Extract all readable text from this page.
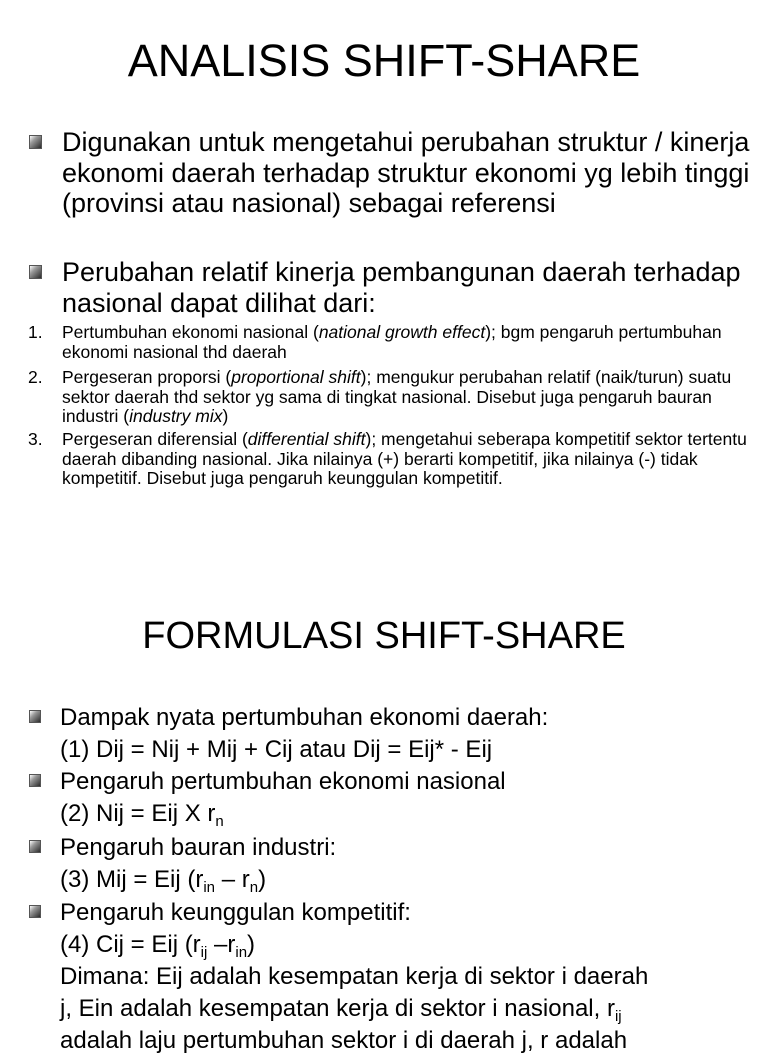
ANALISIS SHIFT-SHARE
Digunakan untuk mengetahui perubahan struktur / kinerja ekonomi daerah terhadap struktur ekonomi yg lebih tinggi (provinsi atau nasional) sebagai referensi
Perubahan relatif kinerja pembangunan daerah terhadap nasional dapat dilihat dari:
1. Pertumbuhan ekonomi nasional (national growth effect); bgm pengaruh pertumbuhan ekonomi nasional thd daerah
2. Pergeseran proporsi (proportional shift); mengukur perubahan relatif (naik/turun) suatu sektor daerah thd sektor yg sama di tingkat nasional. Disebut juga pengaruh bauran industri (industry mix)
3. Pergeseran diferensial (differential shift); mengetahui seberapa kompetitif sektor tertentu daerah dibanding nasional. Jika nilainya (+) berarti kompetitif, jika nilainya (-) tidak kompetitif. Disebut juga pengaruh keunggulan kompetitif.
FORMULASI SHIFT-SHARE
Dampak nyata pertumbuhan ekonomi daerah:
(1) Dij = Nij + Mij + Cij atau Dij = Eij* - Eij
Pengaruh pertumbuhan ekonomi nasional
(2) Nij = Eij X $r_n$
Pengaruh bauran industri:
(3) Mij = Eij $(r_{in} - r_n)$
Pengaruh keunggulan kompetitif:
(4) Cij = Eij ($r_{ij}$ $-r_{in}$)
Dimana: Eij adalah kesempatan kerja di sektor i daerah
j, Ein adalah kesempatan kerja di sektor i nasional, $r_{ij}$
adalah laju pertumbuhan sektor i di daerah j, r adalah
